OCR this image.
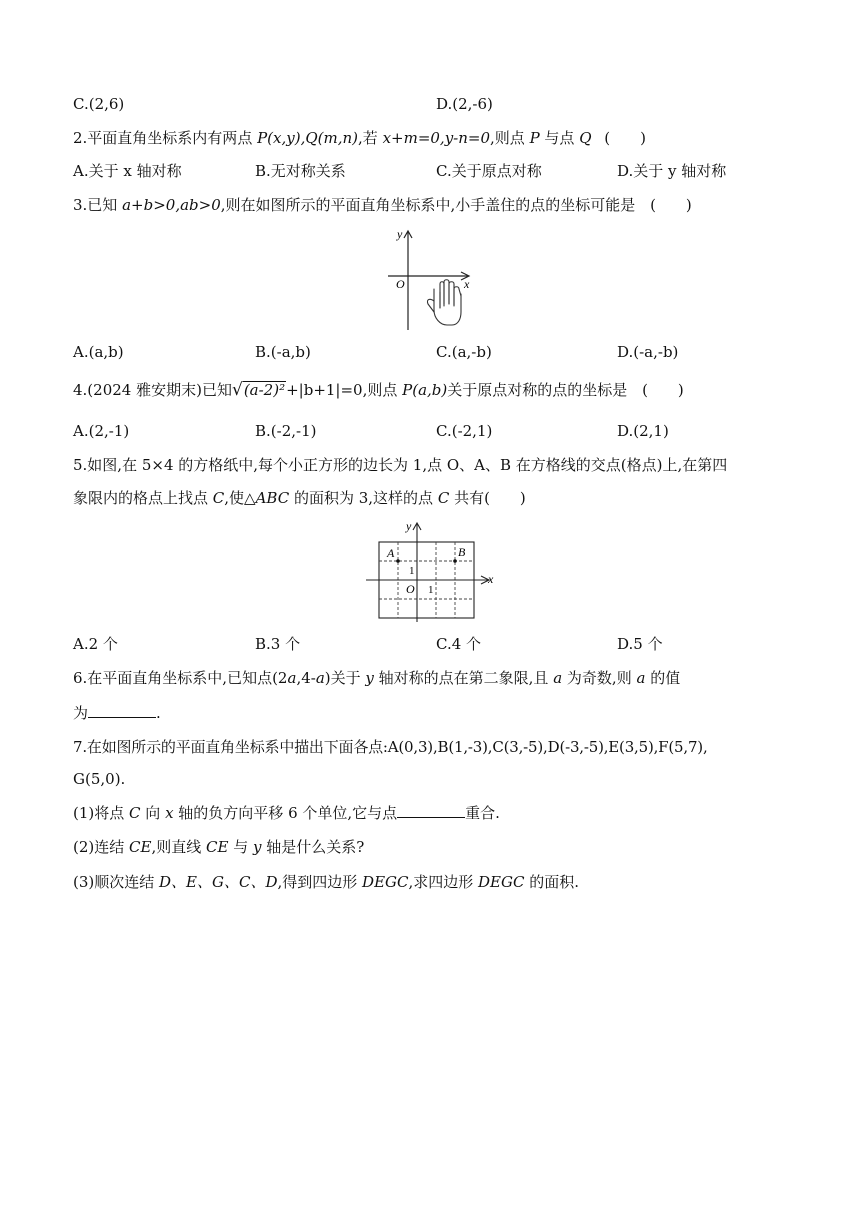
C.(2,6)	D.(2,-6)
2.平面直角坐标系内有两点 P(x,y),Q(m,n),若 x+m=0,y-n=0,则点 P 与点 Q (　　)
A.关于 x 轴对称	B.无对称关系	C.关于原点对称	D.关于 y 轴对称
3.已知 a+b>0,ab>0,则在如图所示的平面直角坐标系中,小手盖住的点的坐标可能是 (　　)
y
x
O
A.(a,b)	B.(-a,b)	C.(a,-b)	D.(-a,-b)
4.(2024 雅安期末)已知√(a-2)²+|b+1|=0,则点 P(a,b)关于原点对称的点的坐标是 (　　)
A.(2,-1)	B.(-2,-1)	C.(-2,1)	D.(2,1)
5.如图,在 5×4 的方格纸中,每个小正方形的边长为 1,点 O、A、B 在方格线的交点(格点)上,在第四
象限内的格点上找点 C,使△ABC 的面积为 3,这样的点 C 共有(　　)
y
x
O
A	B
1
1
A.2 个	B.3 个	C.4 个	D.5 个
6.在平面直角坐标系中,已知点(2a,4-a)关于 y 轴对称的点在第二象限,且 a 为奇数,则 a 的值
为	.
7.在如图所示的平面直角坐标系中描出下面各点:A(0,3),B(1,-3),C(3,-5),D(-3,-5),E(3,5),F(5,7),
G(5,0).
(1)将点 C 向 x 轴的负方向平移 6 个单位,它与点	重合.
(2)连结 CE,则直线 CE 与 y 轴是什么关系?
(3)顺次连结 D、E、G、C、D,得到四边形 DEGC,求四边形 DEGC 的面积.
